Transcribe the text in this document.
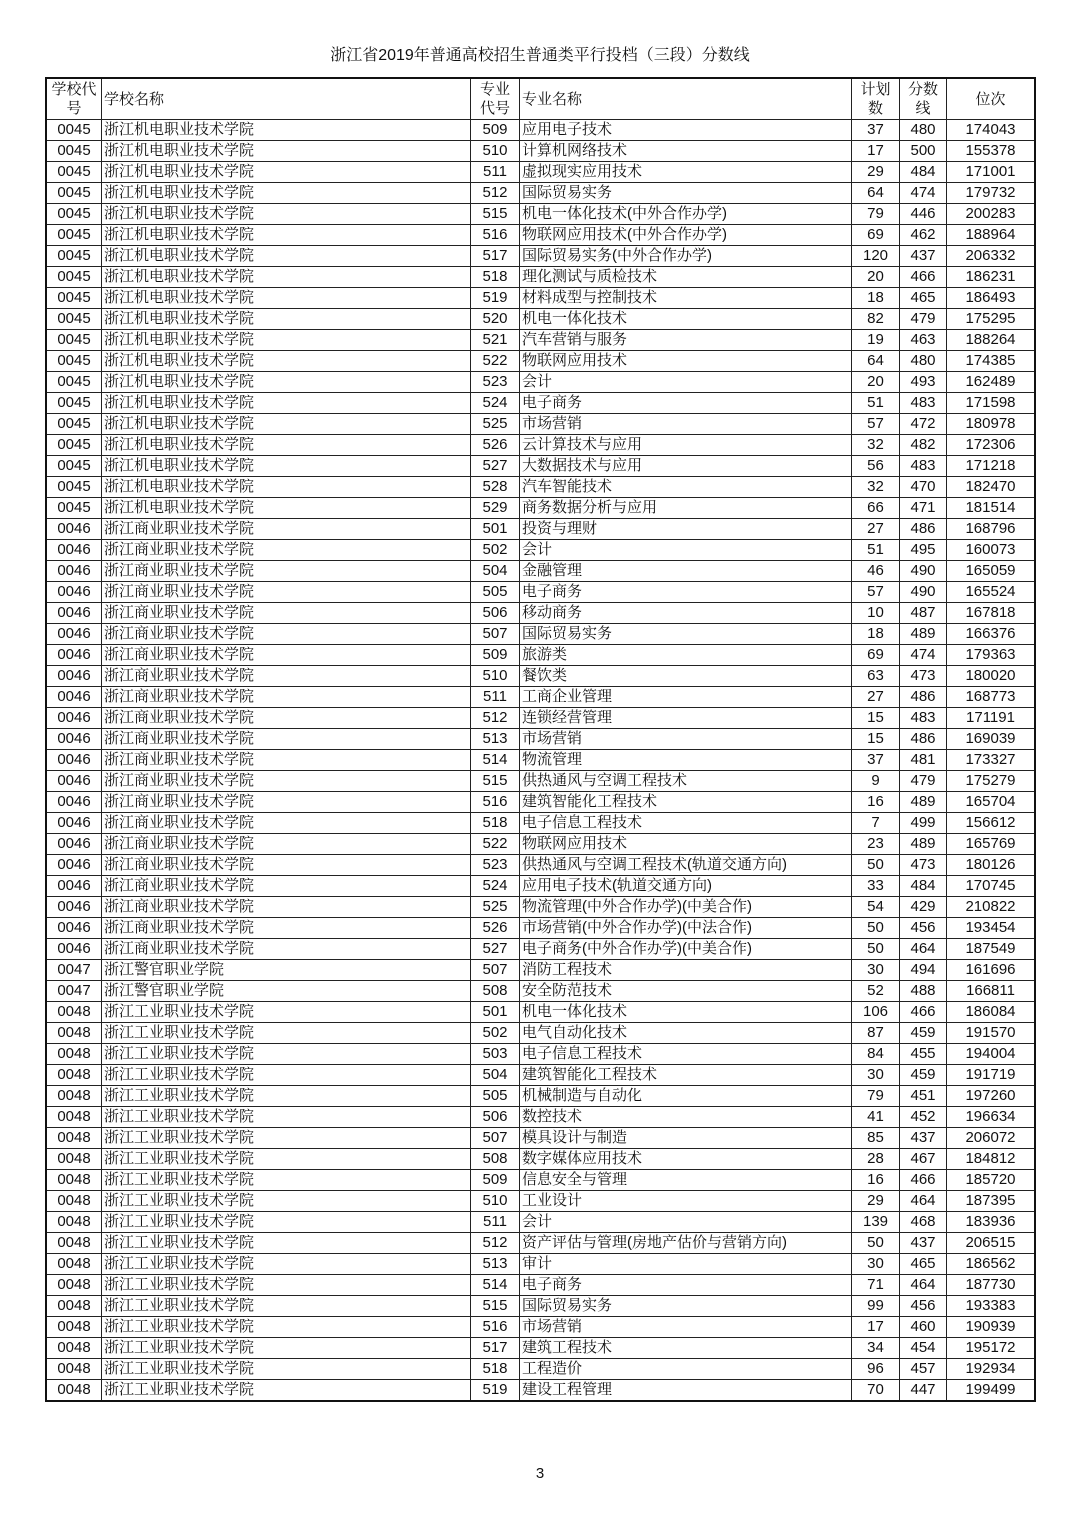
浙江省2019年普通高校招生普通类平行投档（三段）分数线
学校代号	学校名称	专业代号	专业名称	计划数	分数线	位次
0045	浙江机电职业技术学院	509	应用电子技术	37	480	174043
0045	浙江机电职业技术学院	510	计算机网络技术	17	500	155378
0045	浙江机电职业技术学院	511	虚拟现实应用技术	29	484	171001
0045	浙江机电职业技术学院	512	国际贸易实务	64	474	179732
0045	浙江机电职业技术学院	515	机电一体化技术(中外合作办学)	79	446	200283
0045	浙江机电职业技术学院	516	物联网应用技术(中外合作办学)	69	462	188964
0045	浙江机电职业技术学院	517	国际贸易实务(中外合作办学)	120	437	206332
0045	浙江机电职业技术学院	518	理化测试与质检技术	20	466	186231
0045	浙江机电职业技术学院	519	材料成型与控制技术	18	465	186493
0045	浙江机电职业技术学院	520	机电一体化技术	82	479	175295
0045	浙江机电职业技术学院	521	汽车营销与服务	19	463	188264
0045	浙江机电职业技术学院	522	物联网应用技术	64	480	174385
0045	浙江机电职业技术学院	523	会计	20	493	162489
0045	浙江机电职业技术学院	524	电子商务	51	483	171598
0045	浙江机电职业技术学院	525	市场营销	57	472	180978
0045	浙江机电职业技术学院	526	云计算技术与应用	32	482	172306
0045	浙江机电职业技术学院	527	大数据技术与应用	56	483	171218
0045	浙江机电职业技术学院	528	汽车智能技术	32	470	182470
0045	浙江机电职业技术学院	529	商务数据分析与应用	66	471	181514
0046	浙江商业职业技术学院	501	投资与理财	27	486	168796
0046	浙江商业职业技术学院	502	会计	51	495	160073
0046	浙江商业职业技术学院	504	金融管理	46	490	165059
0046	浙江商业职业技术学院	505	电子商务	57	490	165524
0046	浙江商业职业技术学院	506	移动商务	10	487	167818
0046	浙江商业职业技术学院	507	国际贸易实务	18	489	166376
0046	浙江商业职业技术学院	509	旅游类	69	474	179363
0046	浙江商业职业技术学院	510	餐饮类	63	473	180020
0046	浙江商业职业技术学院	511	工商企业管理	27	486	168773
0046	浙江商业职业技术学院	512	连锁经营管理	15	483	171191
0046	浙江商业职业技术学院	513	市场营销	15	486	169039
0046	浙江商业职业技术学院	514	物流管理	37	481	173327
0046	浙江商业职业技术学院	515	供热通风与空调工程技术	9	479	175279
0046	浙江商业职业技术学院	516	建筑智能化工程技术	16	489	165704
0046	浙江商业职业技术学院	518	电子信息工程技术	7	499	156612
0046	浙江商业职业技术学院	522	物联网应用技术	23	489	165769
0046	浙江商业职业技术学院	523	供热通风与空调工程技术(轨道交通方向)	50	473	180126
0046	浙江商业职业技术学院	524	应用电子技术(轨道交通方向)	33	484	170745
0046	浙江商业职业技术学院	525	物流管理(中外合作办学)(中美合作)	54	429	210822
0046	浙江商业职业技术学院	526	市场营销(中外合作办学)(中法合作)	50	456	193454
0046	浙江商业职业技术学院	527	电子商务(中外合作办学)(中美合作)	50	464	187549
0047	浙江警官职业学院	507	消防工程技术	30	494	161696
0047	浙江警官职业学院	508	安全防范技术	52	488	166811
0048	浙江工业职业技术学院	501	机电一体化技术	106	466	186084
0048	浙江工业职业技术学院	502	电气自动化技术	87	459	191570
0048	浙江工业职业技术学院	503	电子信息工程技术	84	455	194004
0048	浙江工业职业技术学院	504	建筑智能化工程技术	30	459	191719
0048	浙江工业职业技术学院	505	机械制造与自动化	79	451	197260
0048	浙江工业职业技术学院	506	数控技术	41	452	196634
0048	浙江工业职业技术学院	507	模具设计与制造	85	437	206072
0048	浙江工业职业技术学院	508	数字媒体应用技术	28	467	184812
0048	浙江工业职业技术学院	509	信息安全与管理	16	466	185720
0048	浙江工业职业技术学院	510	工业设计	29	464	187395
0048	浙江工业职业技术学院	511	会计	139	468	183936
0048	浙江工业职业技术学院	512	资产评估与管理(房地产估价与营销方向)	50	437	206515
0048	浙江工业职业技术学院	513	审计	30	465	186562
0048	浙江工业职业技术学院	514	电子商务	71	464	187730
0048	浙江工业职业技术学院	515	国际贸易实务	99	456	193383
0048	浙江工业职业技术学院	516	市场营销	17	460	190939
0048	浙江工业职业技术学院	517	建筑工程技术	34	454	195172
0048	浙江工业职业技术学院	518	工程造价	96	457	192934
0048	浙江工业职业技术学院	519	建设工程管理	70	447	199499
3
